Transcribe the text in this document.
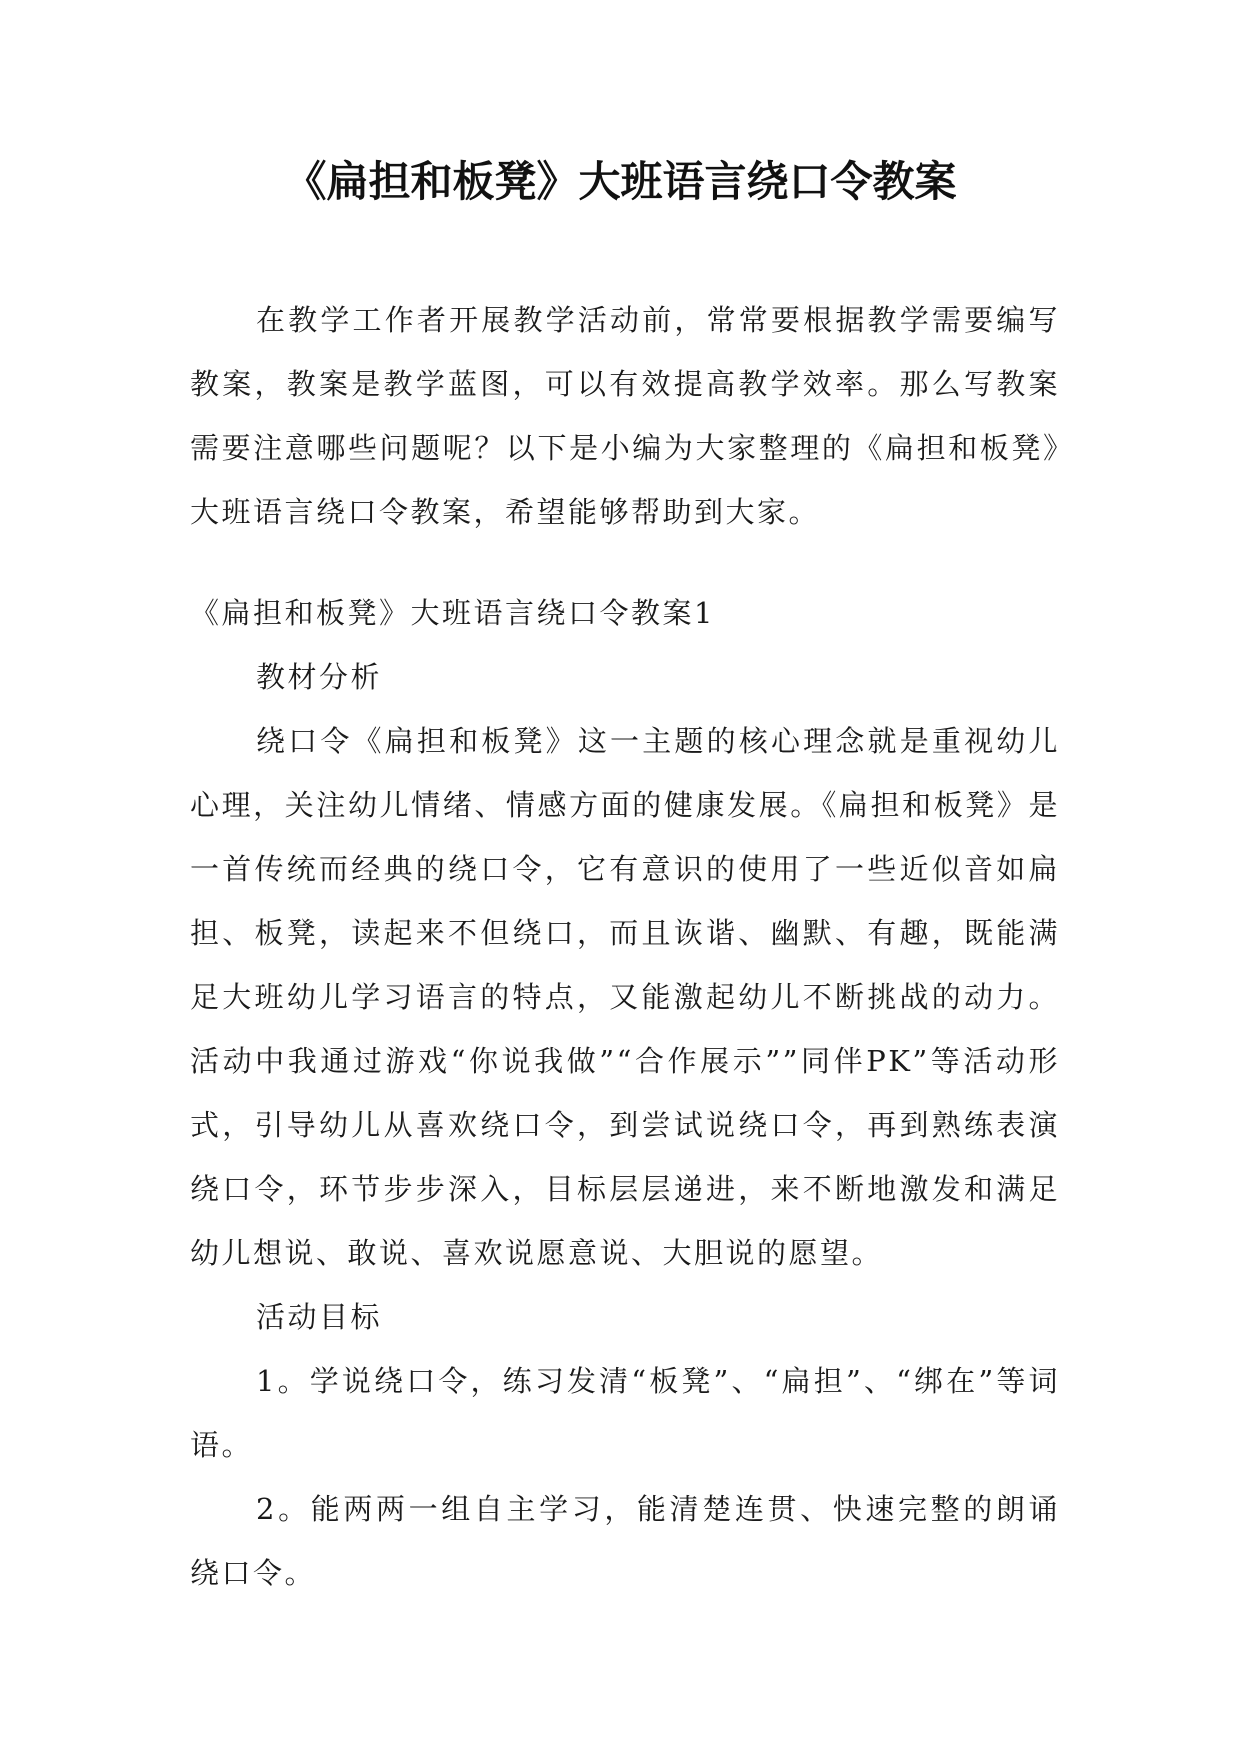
《扁担和板凳》大班语言绕口令教案

在教学工作者开展教学活动前，常常要根据教学需要编写教案，教案是教学蓝图，可以有效提高教学效率。那么写教案需要注意哪些问题呢？以下是小编为大家整理的《扁担和板凳》大班语言绕口令教案，希望能够帮助到大家。

《扁担和板凳》大班语言绕口令教案1

教材分析

绕口令《扁担和板凳》这一主题的核心理念就是重视幼儿心理，关注幼儿情绪、情感方面的健康发展。《扁担和板凳》是一首传统而经典的绕口令，它有意识的使用了一些近似音如扁担、板凳，读起来不但绕口，而且诙谐、幽默、有趣，既能满足大班幼儿学习语言的特点，又能激起幼儿不断挑战的动力。活动中我通过游戏“你说我做”“合作展示””同伴PK”等活动形式，引导幼儿从喜欢绕口令，到尝试说绕口令，再到熟练表演绕口令，环节步步深入，目标层层递进，来不断地激发和满足幼儿想说、敢说、喜欢说愿意说、大胆说的愿望。

活动目标

1。学说绕口令，练习发清“板凳”、“扁担”、“绑在”等词语。

2。能两两一组自主学习，能清楚连贯、快速完整的朗诵绕口令。
